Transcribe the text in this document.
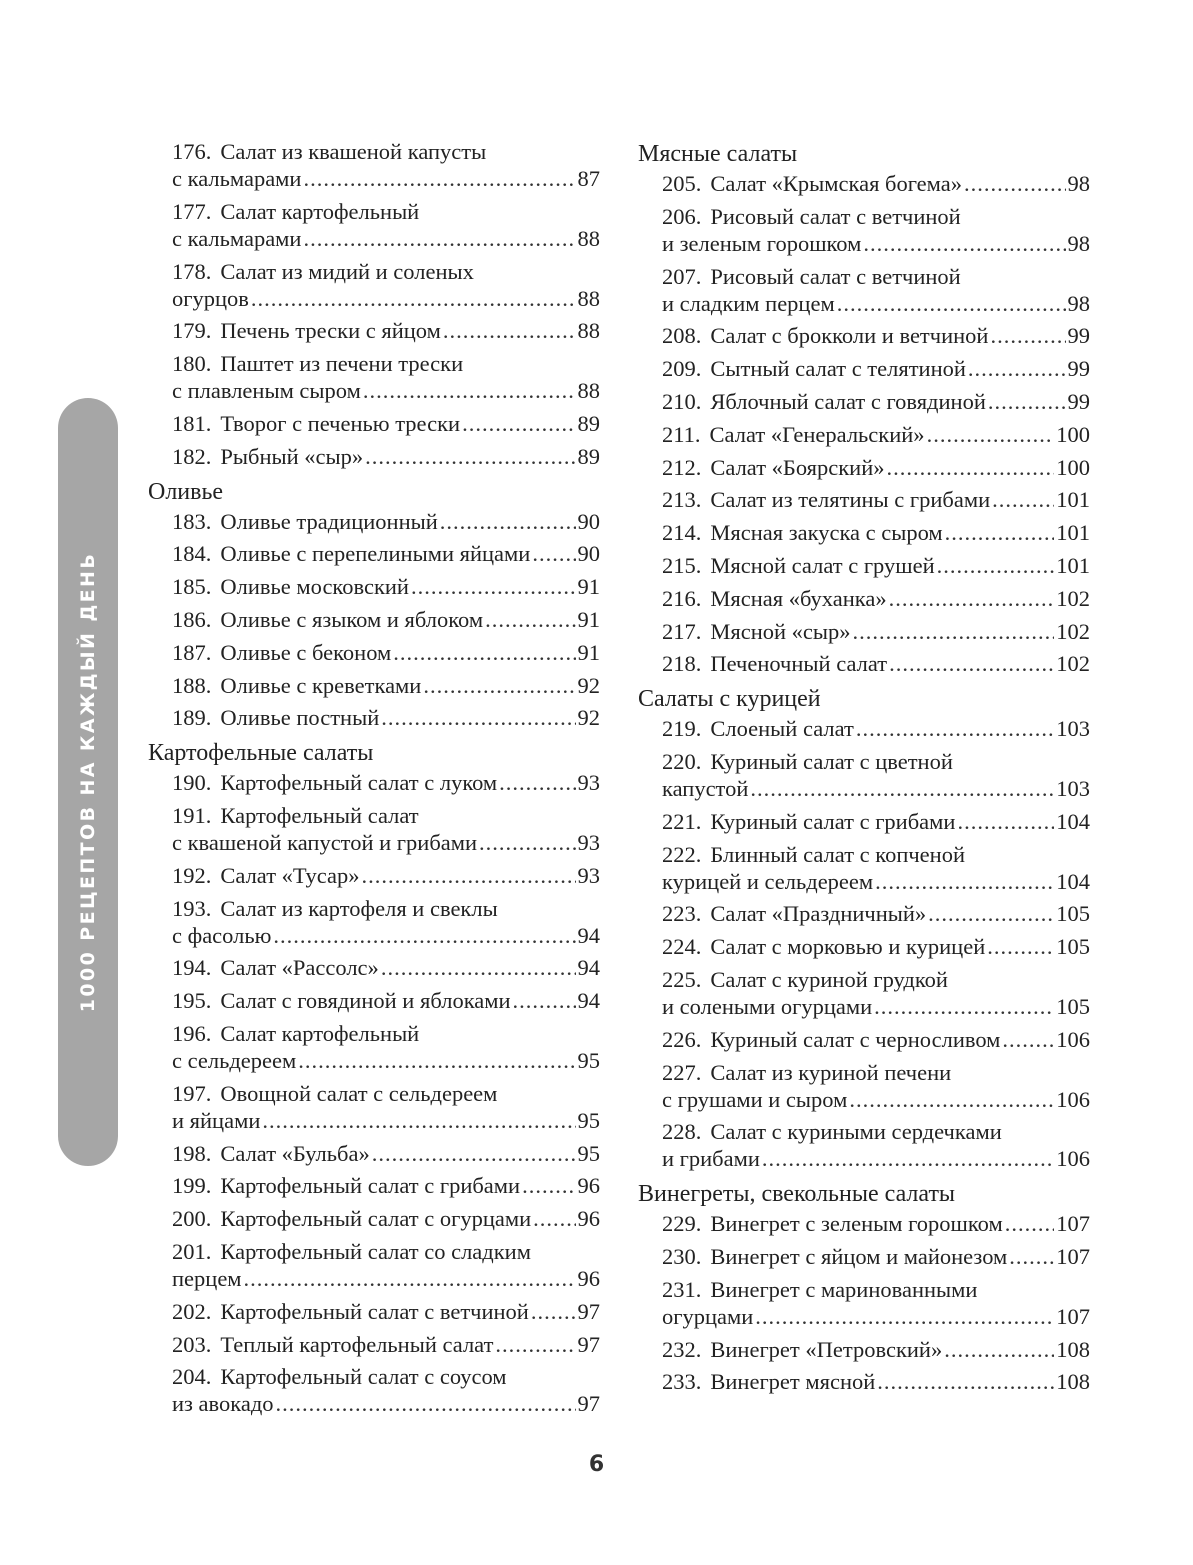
1000 РЕЦЕПТОВ НА КАЖДЫЙ ДЕНЬ
176. Салат из квашеной капусты
с кальмарами .....	87
177. Салат картофельный
с кальмарами .....	88
178. Салат из мидий и соленых
огурцов .....	88
179. Печень трески с яйцом .....	88
180. Паштет из печени трески
с плавленым сыром .....	88
181. Творог с печенью трески .....	89
182. Рыбный «сыр» .....	89
Оливье
183. Оливье традиционный .....	90
184. Оливье с перепелиными яйцами ..... 90
185. Оливье московский .....	91
186. Оливье с языком и яблоком .....	91
187. Оливье с беконом .....	91
188. Оливье с креветками .....	92
189. Оливье постный .....	92
Картофельные салаты
190. Картофельный салат с луком .....	93
191. Картофельный салат
с квашеной капустой и грибами .....	93
192. Салат «Тусар» .....	93
193. Салат из картофеля и свеклы
с фасолью .....	94
194. Салат «Рассолс» .....	94
195. Салат с говядиной и яблоками .....	94
196. Салат картофельный
с сельдереем .....	95
197. Овощной салат с сельдереем
и яйцами .....	95
198. Салат «Бульба» .....	95
199. Картофельный салат с грибами .....	96
200. Картофельный салат с огурцами ..... 96
201. Картофельный салат со сладким
перцем .....	96
202. Картофельный салат с ветчиной ..... 97
203. Теплый картофельный салат .....	97
204. Картофельный салат с соусом
из авокадо .....	97
Мясные салаты
205. Салат «Крымская богема» .....	98
206. Рисовый салат с ветчиной
и зеленым горошком .....	98
207. Рисовый салат с ветчиной
и сладким перцем .....	98
208. Салат с брокколи и ветчиной .....	99
209. Сытный салат с телятиной .....	99
210. Яблочный салат с говядиной .....	99
211. Салат «Генеральский» .....	100
212. Салат «Боярский» .....	100
213. Салат из телятины с грибами .....	101
214. Мясная закуска с сыром .....	101
215. Мясной салат с грушей .....	101
216. Мясная «буханка» .....	102
217. Мясной «сыр» .....	102
218. Печеночный салат .....	102
Салаты с курицей
219. Слоеный салат .....	103
220. Куриный салат с цветной
капустой .....	103
221. Куриный салат с грибами .....	104
222. Блинный салат с копченой
курицей и сельдереем .....	104
223. Салат «Праздничный» .....	105
224. Салат с морковью и курицей .....	105
225. Салат с куриной грудкой
и солеными огурцами .....	105
226. Куриный салат с черносливом ..... 106
227. Салат из куриной печени
с грушами и сыром .....	106
228. Салат с куриными сердечками
и грибами .....	106
Винегреты, свекольные салаты
229. Винегрет с зеленым горошком ..... 107
230. Винегрет с яйцом и майонезом ..... 107
231. Винегрет с маринованными
огурцами .....	107
232. Винегрет «Петровский» .....	108
233. Винегрет мясной .....	108
6
